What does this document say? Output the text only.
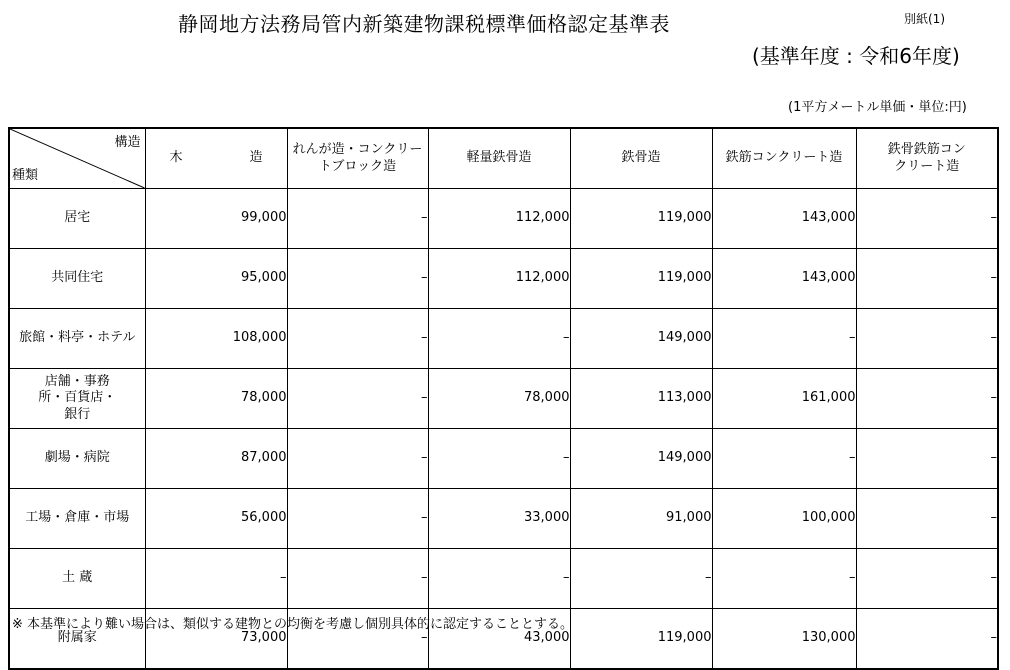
静岡地方法務局管内新築建物課税標準価格認定基準表	別紙(1)
(基準年度 : 令和6年度)
(1平方メートル単価・単位:円)
構造
種類	木 造	れんが造・コンクリートブロック造	軽量鉄骨造	鉄骨造	鉄筋コンクリート造	鉄骨鉄筋コンクリート造
居宅	99,000	–	112,000	119,000	143,000	–
共同住宅	95,000	–	112,000	119,000	143,000	–
旅館・料亭・ホテル	108,000	–	–	149,000	–	–
店舗・事務所・百貨店・銀行	78,000	–	78,000	113,000	161,000	–
劇場・病院	87,000	–	–	149,000	–	–
工場・倉庫・市場	56,000	–	33,000	91,000	100,000	–
土 蔵	–	–	–	–	–	–
附属家	73,000	–	43,000	119,000	130,000	–
※ 本基準により難い場合は、類似する建物との均衡を考慮し個別具体的に認定することとする。
